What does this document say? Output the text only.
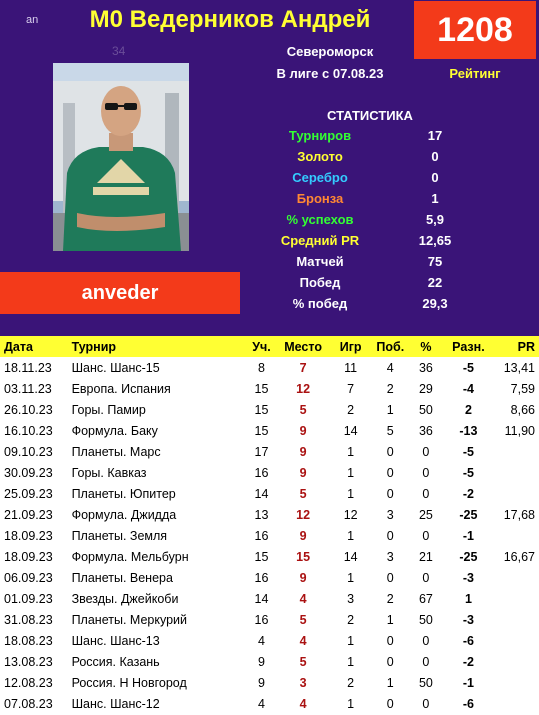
an	М0 Ведерников Андрей
34
1208
Рейтинг
Североморск
В лиге с 07.08.23
anveder
СТАТИСТИКА
Турниров	17
Золото	0
Серебро	0
Бронза	1
% успехов	5,9
Средний PR	12,65
Матчей	75
Побед	22
% побед	29,3
Дата	Турнир	Уч.	Место	Игр	Поб.	%	Разн.	PR
18.11.23	Шанс. Шанс-15	8	7	11	4	36	-5	13,41
03.11.23	Европа. Испания	15	12	7	2	29	-4	7,59
26.10.23	Горы. Памир	15	5	2	1	50	2	8,66
16.10.23	Формула. Баку	15	9	14	5	36	-13	11,90
09.10.23	Планеты. Марс	17	9	1	0	0	-5	
30.09.23	Горы. Кавказ	16	9	1	0	0	-5	
25.09.23	Планеты. Юпитер	14	5	1	0	0	-2	
21.09.23	Формула. Джидда	13	12	12	3	25	-25	17,68
18.09.23	Планеты. Земля	16	9	1	0	0	-1	
18.09.23	Формула. Мельбурн	15	15	14	3	21	-25	16,67
06.09.23	Планеты. Венера	16	9	1	0	0	-3	
01.09.23	Звезды. Джейкоби	14	4	3	2	67	1	
31.08.23	Планеты. Меркурий	16	5	2	1	50	-3	
18.08.23	Шанс. Шанс-13	4	4	1	0	0	-6	
13.08.23	Россия. Казань	9	5	1	0	0	-2	
12.08.23	Россия. Н Новгород	9	3	2	1	50	-1	
07.08.23	Шанс. Шанс-12	4	4	1	0	0	-6	
